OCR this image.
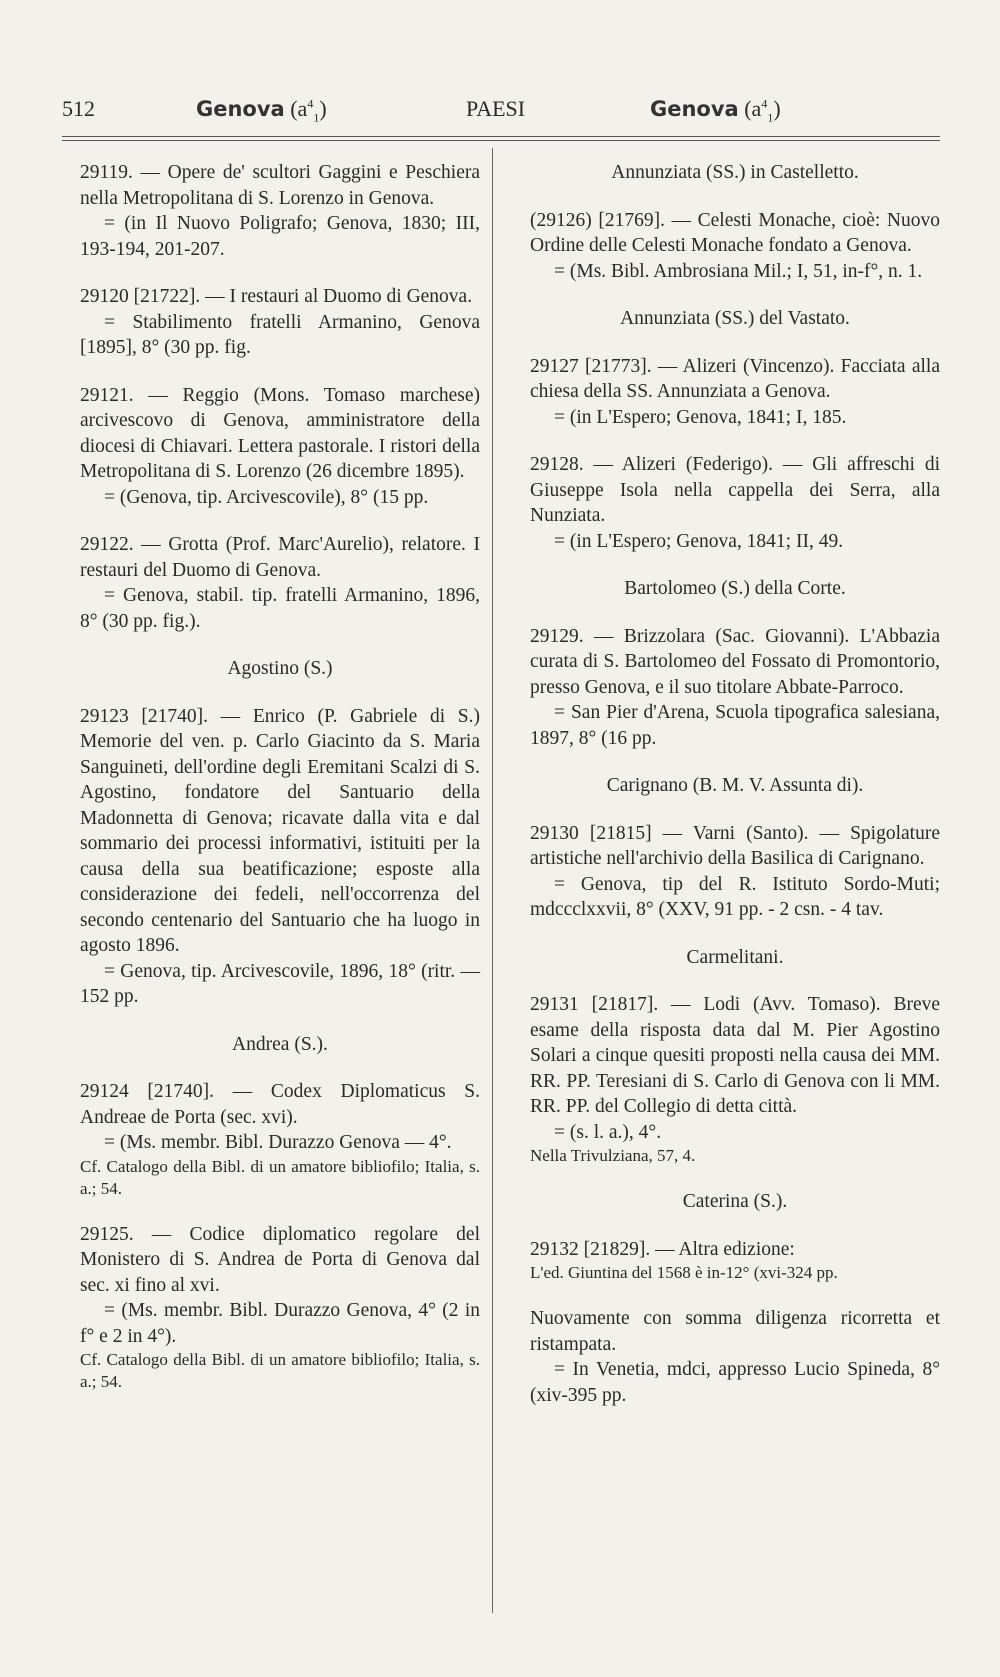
512	Genova $(a^4_1)$	PAESI	Genova $(a^4_1)$

29119. — Opere de' scultori Gaggini e Peschiera nella Metropolitana di S. Lorenzo in Genova.

= (in Il Nuovo Poligrafo; Genova, 1830; III, 193-194, 201-207.

29120 [21722]. — I restauri al Duomo di Genova.

= Stabilimento fratelli Armanino, Genova [1895], 8° (30 pp. fig.

29121. — Reggio (Mons. Tomaso marchese) arcivescovo di Genova, amministratore della diocesi di Chiavari. Lettera pastorale. I ristori della Metropolitana di S. Lorenzo (26 dicembre 1895).

= (Genova, tip. Arcivescovile), 8° (15 pp.

29122. — Grotta (Prof. Marc'Aurelio), relatore. I restauri del Duomo di Genova.

= Genova, stabil. tip. fratelli Armanino, 1896, 8° (30 pp. fig.).

Agostino (S.)

29123 [21740]. — Enrico (P. Gabriele di S.) Memorie del ven. p. Carlo Giacinto da S. Maria Sanguineti, dell'ordine degli Eremitani Scalzi di S. Agostino, fondatore del Santuario della Madonnetta di Genova; ricavate dalla vita e dal sommario dei processi informativi, istituiti per la causa della sua beatificazione; esposte alla considerazione dei fedeli, nell'occorrenza del secondo centenario del Santuario che ha luogo in agosto 1896.

= Genova, tip. Arcivescovile, 1896, 18° (ritr. — 152 pp.

Andrea (S.).

29124 [21740]. — Codex Diplomaticus S. Andreae de Porta (sec. xvi).

= (Ms. membr. Bibl. Durazzo Genova — 4°.

Cf. Catalogo della Bibl. di un amatore bibliofilo; Italia, s. a.; 54.

29125. — Codice diplomatico regolare del Monistero di S. Andrea de Porta di Genova dal sec. xi fino al xvi.

= (Ms. membr. Bibl. Durazzo Genova, 4° (2 in f° e 2 in 4°).

Cf. Catalogo della Bibl. di un amatore bibliofilo; Italia, s. a.; 54.

Annunziata (SS.) in Castelletto.

(29126) [21769]. — Celesti Monache, cioè: Nuovo Ordine delle Celesti Monache fondato a Genova.

= (Ms. Bibl. Ambrosiana Mil.; I, 51, in-f°, n. 1.

Annunziata (SS.) del Vastato.

29127 [21773]. — Alizeri (Vincenzo). Facciata alla chiesa della SS. Annunziata a Genova.

= (in L'Espero; Genova, 1841; I, 185.

29128. — Alizeri (Federigo). — Gli affreschi di Giuseppe Isola nella cappella dei Serra, alla Nunziata.

= (in L'Espero; Genova, 1841; II, 49.

Bartolomeo (S.) della Corte.

29129. — Brizzolara (Sac. Giovanni). L'Abbazia curata di S. Bartolomeo del Fossato di Promontorio, presso Genova, e il suo titolare Abbate-Parroco.

= San Pier d'Arena, Scuola tipografica salesiana, 1897, 8° (16 pp.

Carignano (B. M. V. Assunta di).

29130 [21815] — Varni (Santo). — Spigolature artistiche nell'archivio della Basilica di Carignano.

= Genova, tip del R. Istituto Sordo-Muti; mdccclxxvii, 8° (XXV, 91 pp. - 2 csn. - 4 tav.

Carmelitani.

29131 [21817]. — Lodi (Avv. Tomaso). Breve esame della risposta data dal M. Pier Agostino Solari a cinque quesiti proposti nella causa dei MM. RR. PP. Teresiani di S. Carlo di Genova con li MM. RR. PP. del Collegio di detta città.

= (s. l. a.), 4°.

Nella Trivulziana, 57, 4.

Caterina (S.).

29132 [21829]. — Altra edizione:

L'ed. Giuntina del 1568 è in-12° (xvi-324 pp.

Nuovamente con somma diligenza ricorretta et ristampata.

= In Venetia, mdci, appresso Lucio Spineda, 8° (xiv-395 pp.
